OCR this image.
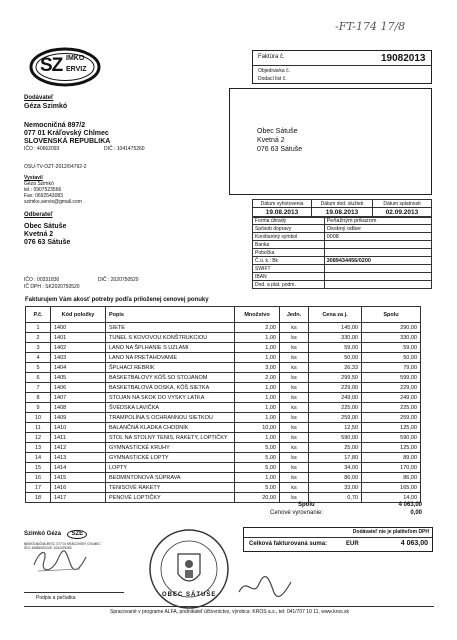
-FT-174 17/8
SZ IMKO
ERVIZ
Faktúra č.	19082013
Objednávka č.
Dodací list č.
Dodávateľ
Géza Szimkó
Nemocničná 897/2
077 01 Kráľovský Chlmec
SLOVENSKÁ REPUBLIKA
IČO : 40662093	DIČ : 1041475260
OSU-TV-OZT-2012/04792-2
Vystavil
Géza Szimkó
tel.: 0907523566
Fax: 0692543083
szimko.servis@gmail.com
Odberateľ
Obec Sátuše
Kvetná 2
076 63 Sátuše
IČO : 00331830	DIČ : 2020750520
IČ DPH : SK2020750520
Obec Sátuše
Kvetná 2
076 63 Sátuše
Dátum vyhotovenia	Dátum dod. služieb	Dátum splatnosti
19.08.2013	19.08.2013	02.09.2013
Forma úhrady	Peňažným prikazom
Spôsob dopravy	Osobný odber
Konštantný symbol	0008
Banka	
Pobočka	
Č.ú. k.: Bk	3089434456/0200
SWIFT	
IBAN	
Dod. a plat. podm.	
Fakturujem Vám akosť potreby podľa priloženej cenovej ponuky
P.č.	Kód položky	Popis	Množstvo	Jedn.	Cena za j.	Spolu
1	1400	SIETE	2,00	ks	145,00	290,00
2	1401	TUNEL S KOVOVOU KONŠTRUKCIOU	1,00	ks	330,00	330,00
3	1402	LANO NA ŠPLHANIE S UZLAMI	1,00	ks	59,00	59,00
4	1403	LANO NA PREŤAHOVANIE	1,00	ks	50,00	50,00
5	1404	ŠPLHACÍ REBRÍK	3,00	ks	26,33	79,00
6	1405	BASKETBALOVÝ KÔŠ SO STOJANOM	2,00	ks	299,50	599,00
7	1406	BASKETBALOVÁ DOSKA, KÔŠ SIETKA	1,00	ks	229,00	229,00
8	1407	STOJAN NA SKOK DO VYSKY LATKA	1,00	ks	249,00	249,00
9	1408	ŠVÉDSKA LAVIČKA	1,00	ks	225,00	225,00
10	1409	TRAMPOLÍNA S OCHRANNOU SIETKOU	1,00	ks	259,00	259,00
11	1410	BALANČNÁ KLADKA CHODNÍK	10,00	ks	12,50	125,00
12	1411	STOL NA STOLNÝ TENIS, RAKETY, LOPTIČKY	1,00	ks	590,00	590,00
13	1412	GYMNASTICKÉ KRUHY	5,00	ks	25,00	125,00
14	1413	GYMNASTICKÉ LOPTY	5,00	ks	17,80	89,00
15	1414	LOPTY	5,00	ks	34,00	170,00
16	1415	BEDMINTONOVÁ SÚPRAVA	1,00	ks	86,00	86,00
17	1416	TENISOVÉ RAKETY	5,00	ks	33,00	165,00
18	1417	PENOVÉ LOPTIČKY	20,00	ks	0,70	14,00
Spolu	4 063,00
Cenové vyrovnanie:	0,00
Dodávateľ nie je platiteľom DPH
Celková fakturovaná suma:	EUR	4 063,00
Szimkó Géza SZE
NEMOCNIČNÁ 897/2, 077 01 KRÁĽOVSKÝ CHLMEC
IČO: 40662093 DIČ: 1041475260
Podpis a pečiatka	OBEC SÁTUŠE
Spracované v programe ALFA, podnikateľ účtovníctvo, výrobca: KROS a.s., tel: 041/707 10 11, www.kros.sk
